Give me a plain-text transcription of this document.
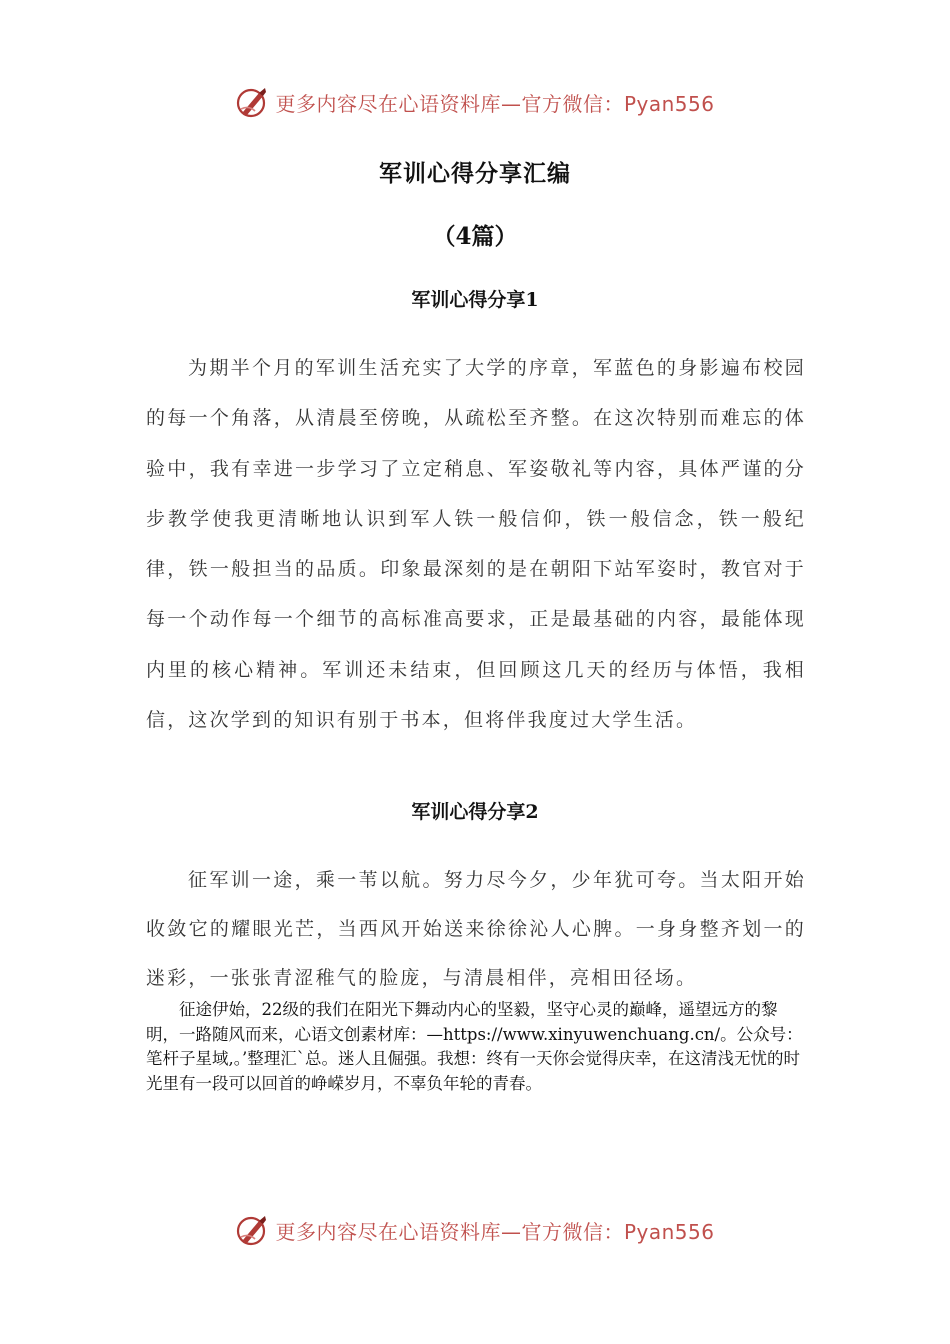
更多内容尽在心语资料库—官方微信：Pyan556
军训心得分享汇编
（4篇）
军训心得分享1
为期半个月的军训生活充实了大学的序章，军蓝色的身影遍布校园的每一个角落，从清晨至傍晚，从疏松至齐整。在这次特别而难忘的体验中，我有幸进一步学习了立定稍息、军姿敬礼等内容，具体严谨的分步教学使我更清晰地认识到军人铁一般信仰，铁一般信念，铁一般纪律，铁一般担当的品质。印象最深刻的是在朝阳下站军姿时，教官对于每一个动作每一个细节的高标准高要求，正是最基础的内容，最能体现内里的核心精神。军训还未结束，但回顾这几天的经历与体悟，我相信，这次学到的知识有别于书本，但将伴我度过大学生活。
军训心得分享2
征军训一途，乘一苇以航。努力尽今夕，少年犹可夸。当太阳开始收敛它的耀眼光芒，当西风开始送来徐徐沁人心脾。一身身整齐划一的迷彩，一张张青涩稚气的脸庞，与清晨相伴，亮相田径场。
征途伊始，22级的我们在阳光下舞动内心的坚毅，坚守心灵的巅峰，遥望远方的黎明，一路随风而来，心语文创素材库：—https://www.xinyuwenchuang.cn/。公众号：笔杆子星域,。’整理汇`总。迷人且倔强。我想：终有一天你会觉得庆幸，在这清浅无忧的时光里有一段可以回首的峥嵘岁月，不辜负年轮的青春。
更多内容尽在心语资料库—官方微信：Pyan556
